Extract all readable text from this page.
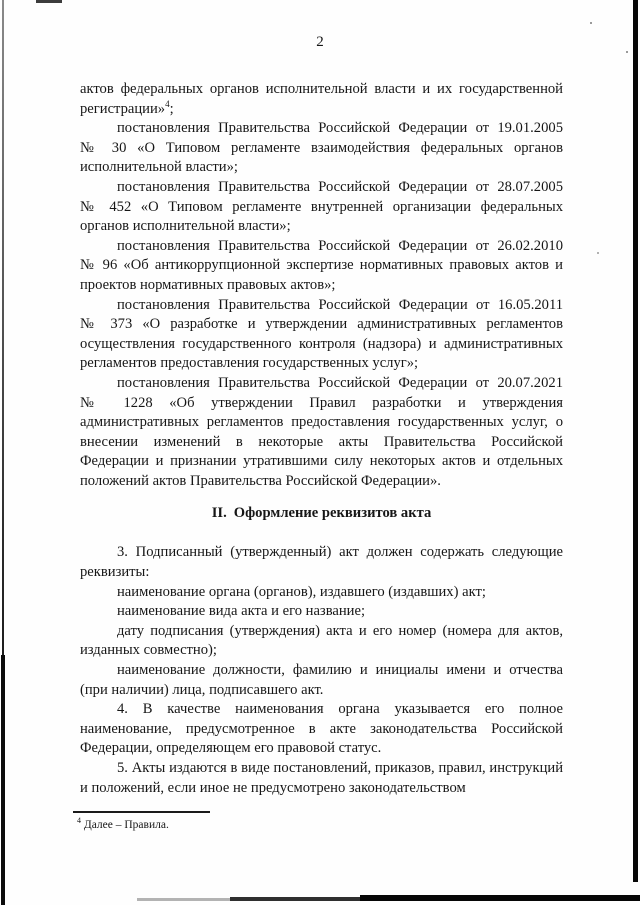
2

актов федеральных органов исполнительной власти и их государственной регистрации»$^4$;

постановления Правительства Российской Федерации от 19.01.2005 № 30 «О Типовом регламенте взаимодействия федеральных органов исполнительной власти»;

постановления Правительства Российской Федерации от 28.07.2005 № 452 «О Типовом регламенте внутренней организации федеральных органов исполнительной власти»;

постановления Правительства Российской Федерации от 26.02.2010 № 96 «Об антикоррупционной экспертизе нормативных правовых актов и проектов нормативных правовых актов»;

постановления Правительства Российской Федерации от 16.05.2011 № 373 «О разработке и утверждении административных регламентов осуществления государственного контроля (надзора) и административных регламентов предоставления государственных услуг»;

постановления Правительства Российской Федерации от 20.07.2021 № 1228 «Об утверждении Правил разработки и утверждения административных регламентов предоставления государственных услуг, о внесении изменений в некоторые акты Правительства Российской Федерации и признании утратившими силу некоторых актов и отдельных положений актов Правительства Российской Федерации».

II. Оформление реквизитов акта

3. Подписанный (утвержденный) акт должен содержать следующие реквизиты:

наименование органа (органов), издавшего (издавших) акт;

наименование вида акта и его название;

дату подписания (утверждения) акта и его номер (номера для актов, изданных совместно);

наименование должности, фамилию и инициалы имени и отчества (при наличии) лица, подписавшего акт.

4. В качестве наименования органа указывается его полное наименование, предусмотренное в акте законодательства Российской Федерации, определяющем его правовой статус.

5. Акты издаются в виде постановлений, приказов, правил, инструкций и положений, если иное не предусмотрено законодательством

$^4$ Далее – Правила.
